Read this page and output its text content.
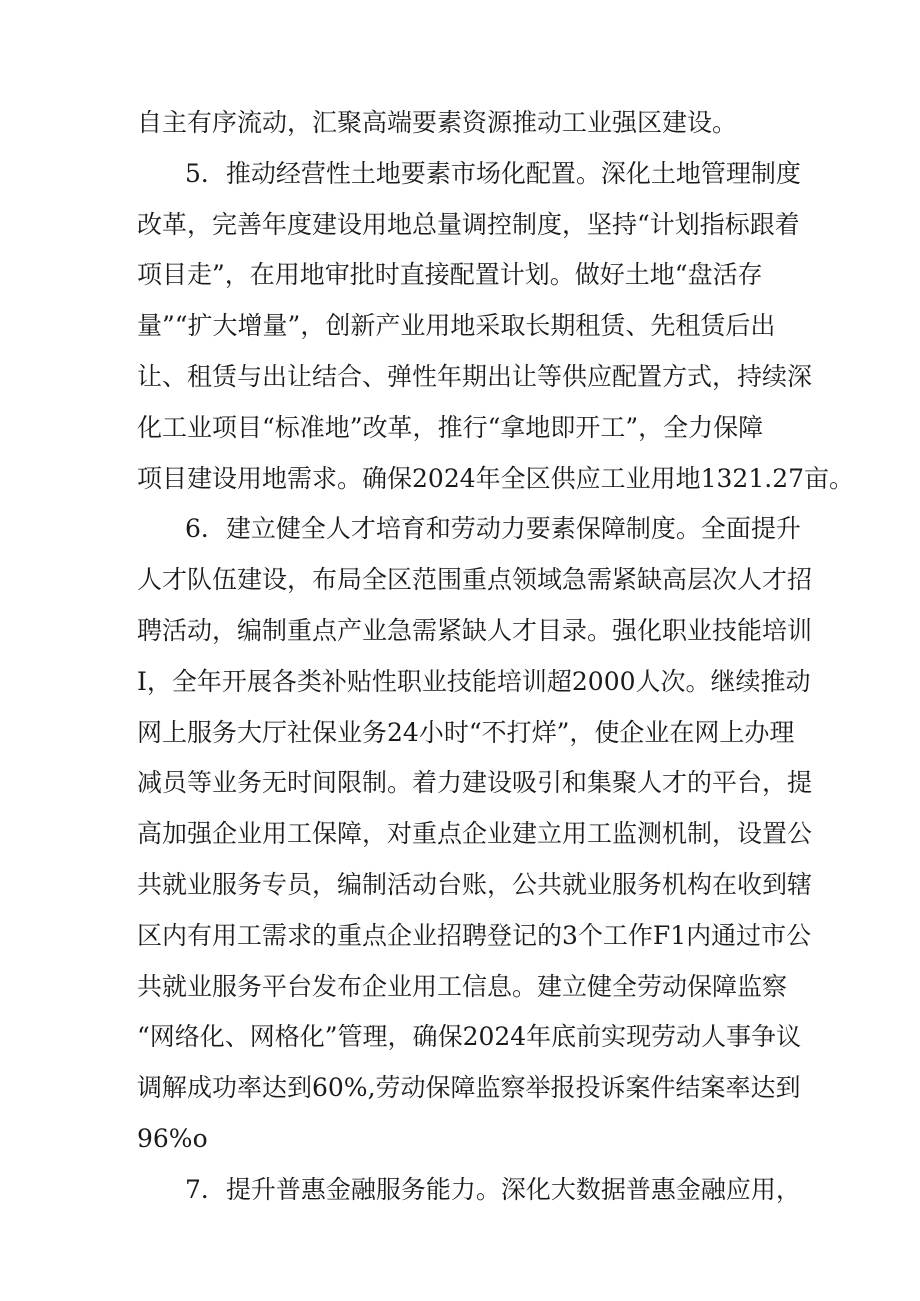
自主有序流动，汇聚高端要素资源推动工业强区建设。
5．推动经营性土地要素市场化配置。深化土地管理制度
改革，完善年度建设用地总量调控制度，坚持“计划指标跟着
项目走”，在用地审批时直接配置计划。做好土地“盘活存
量”“扩大增量”，创新产业用地采取长期租赁、先租赁后出
让、租赁与出让结合、弹性年期出让等供应配置方式，持续深
化工业项目“标准地”改革，推行“拿地即开工”，全力保障
项目建设用地需求。确保2024年全区供应工业用地1321.27亩。
6．建立健全人才培育和劳动力要素保障制度。全面提升
人才队伍建设，布局全区范围重点领域急需紧缺高层次人才招
聘活动，编制重点产业急需紧缺人才目录。强化职业技能培训
I，全年开展各类补贴性职业技能培训超2000人次。继续推动
网上服务大厅社保业务24小时“不打烊”，使企业在网上办理
减员等业务无时间限制。着力建设吸引和集聚人才的平台，提
高加强企业用工保障，对重点企业建立用工监测机制，设置公
共就业服务专员，编制活动台账，公共就业服务机构在收到辖
区内有用工需求的重点企业招聘登记的3个工作F1内通过市公
共就业服务平台发布企业用工信息。建立健全劳动保障监察
“网络化、网格化”管理，确保2024年底前实现劳动人事争议
调解成功率达到60%,劳动保障监察举报投诉案件结案率达到
96%o
7．提升普惠金融服务能力。深化大数据普惠金融应用，
